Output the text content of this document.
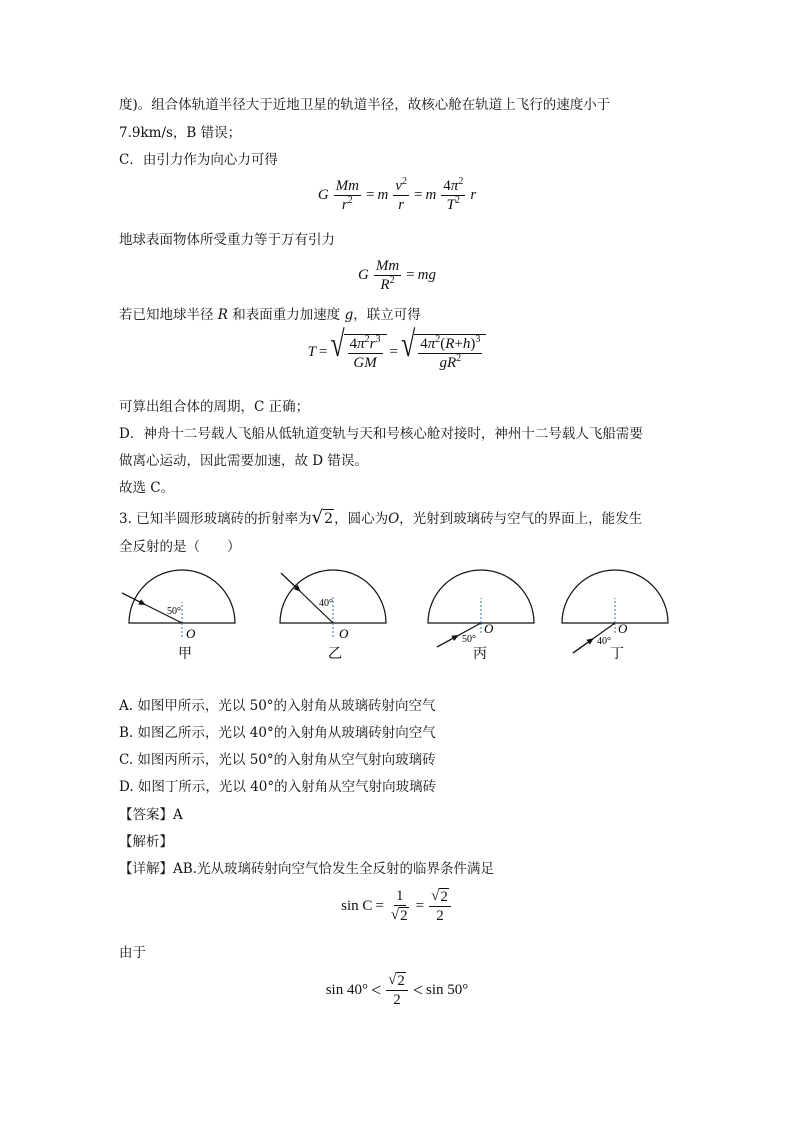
度)。组合体轨道半径大于近地卫星的轨道半径，故核心舱在轨道上飞行的速度小于
7.9km/s，B 错误；
C．由引力作为向心力可得
G $\frac{Mm}{r^2} = m \frac{v^2}{r} = m \frac{4\pi^2}{T^2}$ r
地球表面物体所受重力等于万有引力
G $\frac{Mm}{R^2}$ = mg
若已知地球半径 R 和表面重力加速度 g，联立可得
T = √ $\frac{4\pi^2r^3}{GM}$ = √ $\frac{4\pi^2(R+h)^3}{gR^2}$
可算出组合体的周期，C 正确；
D．神舟十二号载人飞船从低轨道变轨与天和号核心舱对接时，神州十二号载人飞船需要
做离心运动，因此需要加速，故 D 错误。
故选 C。
3. 已知半圆形玻璃砖的折射率为 √ 2 ，圆心为O，光射到玻璃砖与空气的界面上，能发生
全反射的是（　　）
50°
O
甲
40°
O
乙
50°
O
丙
40°
O
丁
A. 如图甲所示，光以 50°的入射角从玻璃砖射向空气
B. 如图乙所示，光以 40°的入射角从玻璃砖射向空气
C. 如图丙所示，光以 50°的入射角从空气射向玻璃砖
D. 如图丁所示，光以 40°的入射角从空气射向玻璃砖
【答案】A
【解析】
【详解】AB.光从玻璃砖射向空气恰发生全反射的临界条件满足
$\sin C = \frac{1}{√ 2} = \frac{√ 2}{2}$
由于
$\sin 40^\circ < \frac{√ 2}{2} < \sin 50^\circ$
